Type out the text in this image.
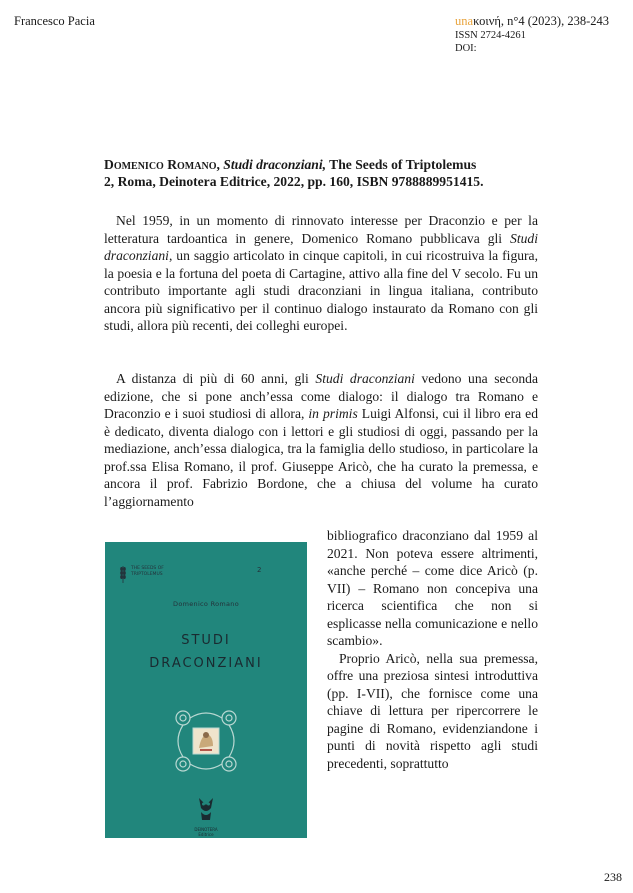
Francesco Pacia	unaκοινή, n°4 (2023), 238-243
ISSN 2724-4261
DOI:
Domenico Romano, Studi draconziani, The Seeds of Triptolemus
2, Roma, Deinotera Editrice, 2022, pp. 160, ISBN 9788889951415.

Nel 1959, in un momento di rinnovato interesse per Draconzio e per la letteratura tardoantica in genere, Domenico Romano pubblicava gli Studi draconziani, un saggio articolato in cinque capitoli, in cui ricostruiva la figura, la poesia e la fortuna del poeta di Cartagine, attivo alla fine del V secolo. Fu un contributo importante agli studi draconziani in lingua italiana, contributo ancora più significativo per il continuo dialogo instaurato da Romano con gli studi, allora più recenti, dei colleghi europei.

A distanza di più di 60 anni, gli Studi draconziani vedono una seconda edizione, che si pone anch’essa come dialogo: il dialogo tra Romano e Draconzio e i suoi studiosi di allora, in primis Luigi Alfonsi, cui il libro era ed è dedicato, diventa dialogo con i lettori e gli studiosi di oggi, passando per la mediazione, anch’essa dialogica, tra la famiglia dello studioso, in particolare la prof.ssa Elisa Romano, il prof. Giuseppe Aricò, che ha curato la premessa, e ancora il prof. Fabrizio Bordone, che a chiusa del volume ha curato l’aggiornamento

bibliografico draconziano dal 1959 al 2021. Non poteva essere altrimenti, «anche perché – come dice Aricò (p. VII) – Romano non concepiva una ricerca scientifica che non si esplicasse nella comunicazione e nello scambio».

Proprio Aricò, nella sua premessa, offre una preziosa sintesi introduttiva (pp. I-VII), che fornisce come una chiave di lettura per ripercorrere le pagine di Romano, evidenziandone i punti di novità rispetto agli studi precedenti, soprattutto

THE SEEDS OF
TRIPTOLEMUS
2
Domenico Romano
STUDI
DRACONZIANI
DEINOTERA
Editrice
238
